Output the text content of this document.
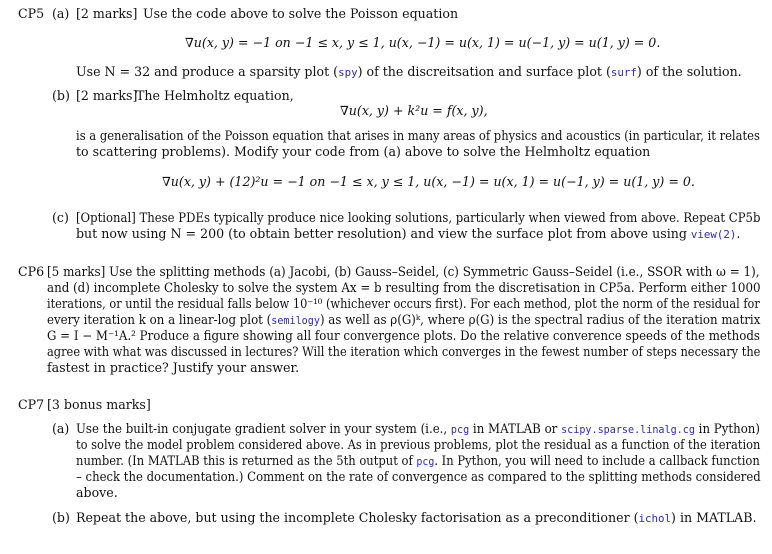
CP5 (a) [2 marks] Use the code above to solve the Poisson equation
∇u(x, y) = −1 on −1 ≤ x, y ≤ 1, u(x, −1) = u(x, 1) = u(−1, y) = u(1, y) = 0.
Use N = 32 and produce a sparsity plot (spy) of the discreitsation and surface plot (surf) of the solution.
(b) [2 marks]
The Helmholtz equation,
∇u(x, y) + k²u = f(x, y),
is a generalisation of the Poisson equation that arises in many areas of physics and acoustics (in particular, it relates
to scattering problems). Modify your code from (a) above to solve the Helmholtz equation
∇u(x, y) + (12)²u = −1 on −1 ≤ x, y ≤ 1, u(x, −1) = u(x, 1) = u(−1, y) = u(1, y) = 0.
(c) [Optional] These PDEs typically produce nice looking solutions, particularly when viewed from above. Repeat CP5b
but now using N = 200 (to obtain better resolution) and view the surface plot from above using view(2).
CP6 [5 marks] Use the splitting methods (a) Jacobi, (b) Gauss–Seidel, (c) Symmetric Gauss–Seidel (i.e., SSOR with ω = 1),
and (d) incomplete Cholesky to solve the system Ax = b resulting from the discretisation in CP5a. Perform either 1000
iterations, or until the residual falls below 10⁻¹⁰ (whichever occurs first). For each method, plot the norm of the residual for
every iteration k on a linear-log plot (semilogy) as well as ρ(G)ᵏ, where ρ(G) is the spectral radius of the iteration matrix
G = I − M⁻¹A.² Produce a figure showing all four convergence plots. Do the relative converence speeds of the methods
agree with what was discussed in lectures? Will the iteration which converges in the fewest number of steps necessary the
fastest in practice? Justify your answer.
CP7 [3 bonus marks]
(a) Use the built-in conjugate gradient solver in your system (i.e., pcg in MATLAB or scipy.sparse.linalg.cg in Python)
to solve the model problem considered above. As in previous problems, plot the residual as a function of the iteration
number. (In MATLAB this is returned as the 5th output of pcg. In Python, you will need to include a callback function
– check the documentation.) Comment on the rate of convergence as compared to the splitting methods considered
above.
(b) Repeat the above, but using the incomplete Cholesky factorisation as a preconditioner (ichol) in MATLAB.
